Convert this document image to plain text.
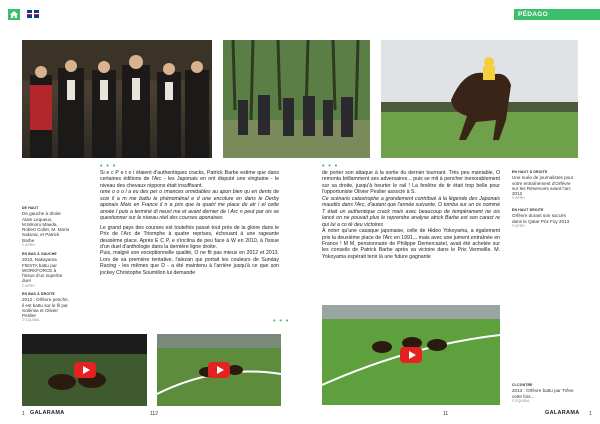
PÉDAGO
• • •	• • •
• • •
DE HAUT
De gauche à droite Alain Lequeux, M.Minoru Maeda, Robert Collet, M. Morio Sakurai, et Patrick Barbe
© APRH
EN BAS À GAUCHE
2010, Nakayama FIESTA battu par WORKFORCE à l'issue d'un superbe duel
© APRH
EN BAS À DROITE
2012 : Orfèvre penche, il est battu sur le fil par Solémia et Olivier Peslier
© EQUIDIA

Si e c P e t o i étaient d'authentiques cracks, Patrick Barbe estime que dans certaines éditions de l'Arc - les Japonais en ont disputé une vingtaine - le niveau des chevaux nippons était insuffisant.

rene o o o l a eu des per o rmances ormidables au apon bien qu en dents de scie il a m me battu le phénoménal e d une encolure en dans le Derby aponais Mais en France il n a pris que la quatri me place du atr i el cette année l puis a terminé di neuvi me et avant dernier de l Arc n peut par ois se questionner sur le niveau réel des courses aponaises

Le grand pays des courses est toutefois passé tout près de la gloire dans le Prix de l'Arc de Triomphe à quatre reprises, échouant à une rageante deuxième place. Après E C P, e s'inclina de peu face à W en 2010, à l'issue d'un duel d'anthologie dans la dernière ligne droite.

Puis, malgré son exceptionnelle qualité, O ne fit pas mieux en 2012 et 2013. Lors de sa première tentative, l'alezan qui portait les couleurs de Sunday Racing - les mêmes que D - a été maintenu à l'arrière jusqu'à ce que son jockey Christophe Soumillon lui demande

de porter son attaque à la sortie du dernier tournant. Très peu maniable, O remonta brillamment ses adversaires... puis se mit à pencher inexorablement sur sa droite, jusqu'à heurter le rail ! La fenêtre de tir était trop belle pour l'opportuniste Olivier Peslier associé à S.

Ce scénario catastrophe a grandement contribué à la légende des Japonais maudits dans l'Arc, d'autant que l'année suivante, O tomba sur un os nommé T était un authentique crack mais avec beaucoup de tempérament ne ois lancé on ne pouvait plus le reprendre analyse atrick Barbe est son caract re qui lui a co té deu victoires

À noter qu'une casaque japonaise, celle de Hideo Yokoyama, a également pris la deuxième place de l'Arc en 1991... mais avec une jument entraînée en France ! M M, pensionnaire de Philippe Demercastel, avait été achetée sur les conseils de Patrick Barbe après sa victoire dans le Prix Vermeille. M. Yokoyama espérait tenir là une future gagnante

EN HAUT À DROITE
Une nuée de journalistes pour votre entraînement d'Orfèvre sur les Réservoirs avant l'arc 2012
© APRH
EN HAUT DROITE
Orfèvre durant son succès dans le Qatar Prix Foy 2013
© APRH
CI-CONTRE
2013 : Orfèvre battu par Trêve cette fois...
© EQUIDIA
1 GALARAMA	112	11	GALARAMA 1
